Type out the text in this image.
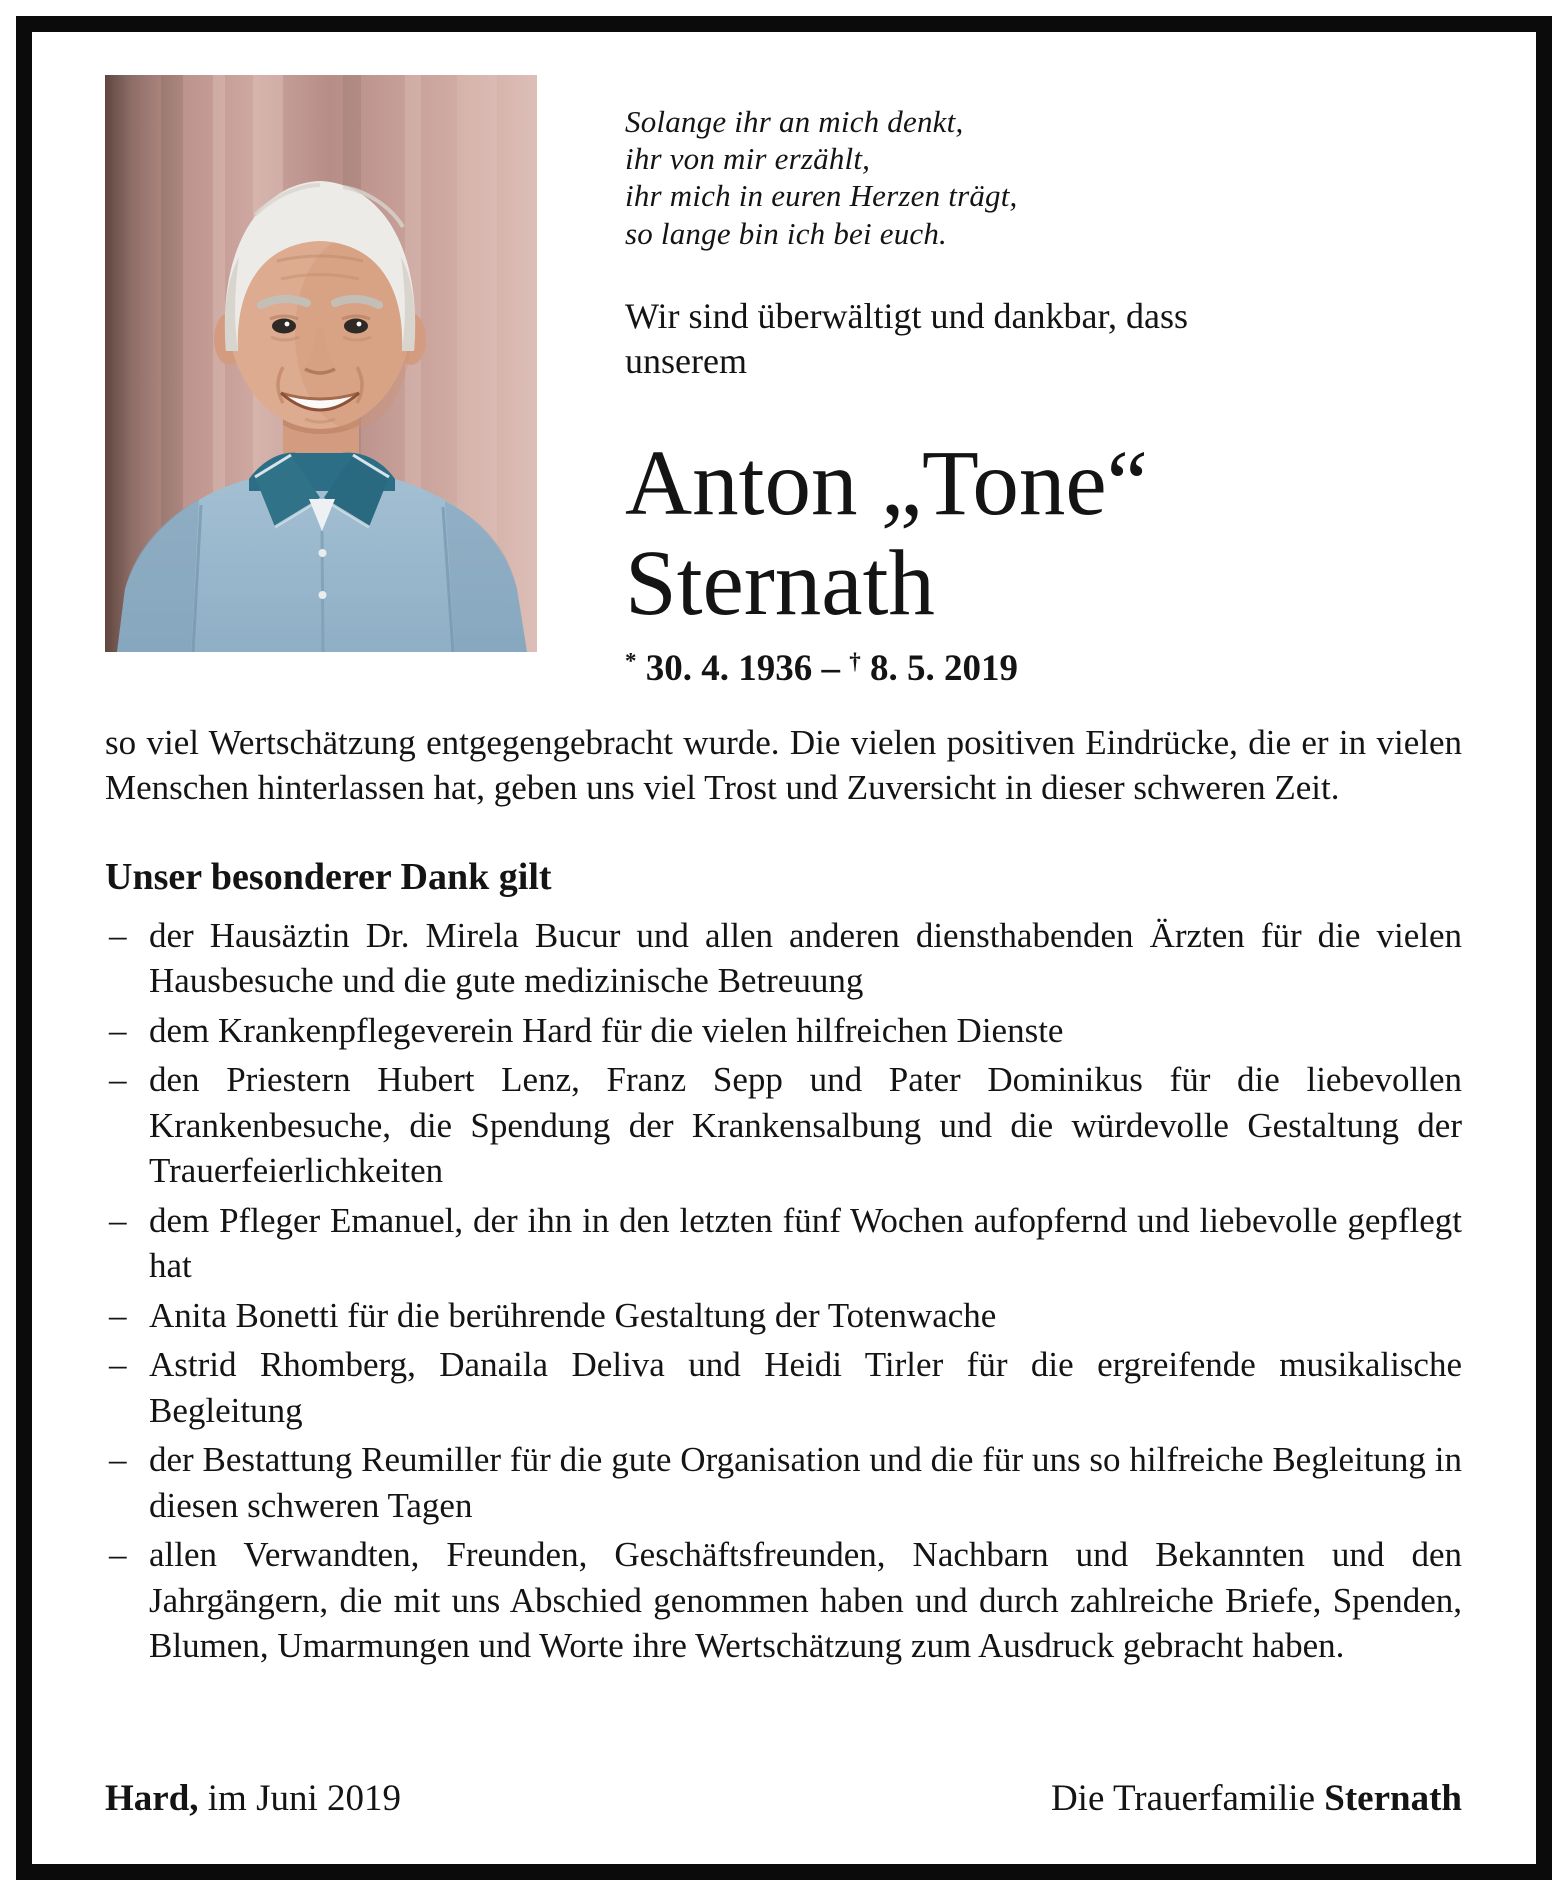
Solange ihr an mich denkt,
ihr von mir erzählt,
ihr mich in euren Herzen trägt,
so lange bin ich bei euch.

Wir sind überwältigt und dankbar, dass
unserem

Anton „Tone“
Sternath
* 30. 4. 1936 – † 8. 5. 2019

so viel Wertschätzung entgegengebracht wurde. Die vielen positiven Eindrücke, die er in vielen Menschen hinterlassen hat, geben uns viel Trost und Zuversicht in dieser schweren Zeit.

Unser besonderer Dank gilt
– der Hausäztin Dr. Mirela Bucur und allen anderen diensthabenden Ärzten für die vielen Hausbesuche und die gute medizinische Betreuung
– dem Krankenpflegeverein Hard für die vielen hilfreichen Dienste
– den Priestern Hubert Lenz, Franz Sepp und Pater Dominikus für die liebevollen Krankenbesuche, die Spendung der Krankensalbung und die würdevolle Gestaltung der Trauerfeierlichkeiten
– dem Pfleger Emanuel, der ihn in den letzten fünf Wochen aufopfernd und liebevolle gepflegt hat
– Anita Bonetti für die berührende Gestaltung der Totenwache
– Astrid Rhomberg, Danaila Deliva und Heidi Tirler für die ergreifende musikalische Begleitung
– der Bestattung Reumiller für die gute Organisation und die für uns so hilfreiche Begleitung in diesen schweren Tagen
– allen Verwandten, Freunden, Geschäftsfreunden, Nachbarn und Bekannten und den Jahrgängern, die mit uns Abschied genommen haben und durch zahlreiche Briefe, Spenden, Blumen, Umarmungen und Worte ihre Wertschätzung zum Ausdruck gebracht haben.
Hard, im Juni 2019	Die Trauerfamilie Sternath
